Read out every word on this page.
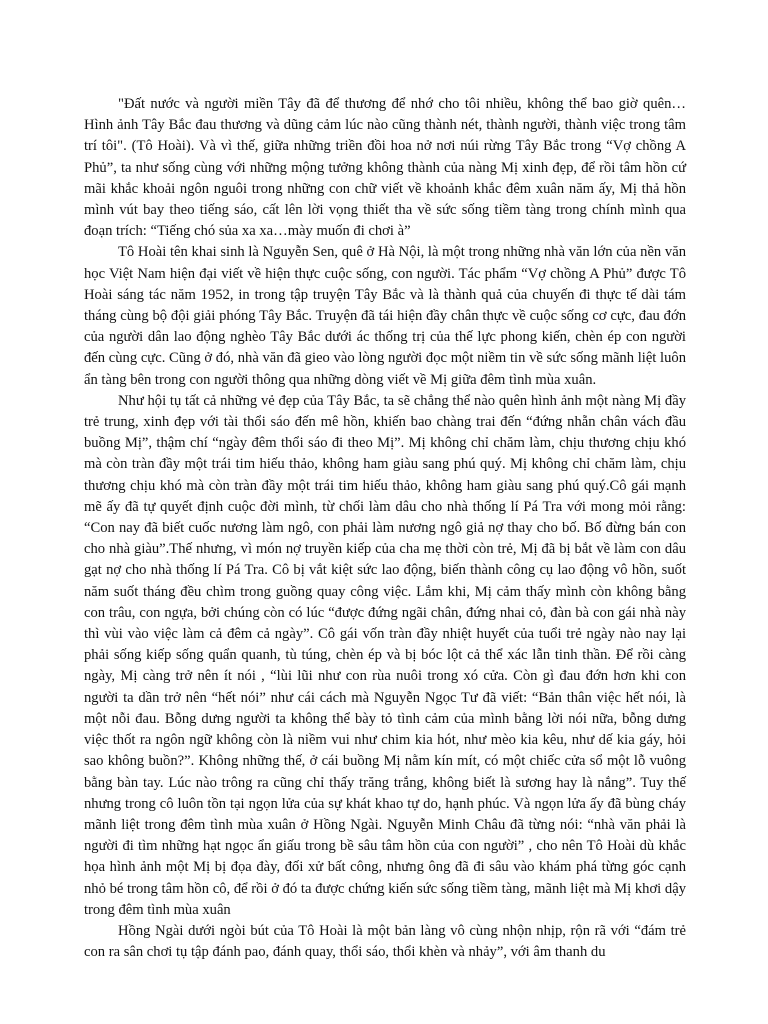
"Đất nước và người miền Tây đã để thương để nhớ cho tôi nhiều, không thể bao giờ quên… Hình ảnh Tây Bắc đau thương và dũng cảm lúc nào cũng thành nét, thành người, thành việc trong tâm trí tôi". (Tô Hoài). Và vì thế, giữa những triền đồi hoa nở nơi núi rừng Tây Bắc trong “Vợ chồng A Phủ”, ta như sống cùng với những mộng tưởng không thành của nàng Mị xinh đẹp, để rồi tâm hồn cứ mãi khắc khoải ngôn nguôi trong những con chữ viết về khoảnh khắc đêm xuân năm ấy, Mị thả hồn mình vút bay theo tiếng sáo, cất lên lời vọng thiết tha về sức sống tiềm tàng trong chính mình qua đoạn trích: “Tiếng chó sủa xa xa…mày muốn đi chơi à”

Tô Hoài tên khai sinh là Nguyễn Sen, quê ở Hà Nội, là một trong những nhà văn lớn của nền văn học Việt Nam hiện đại viết về hiện thực cuộc sống, con người. Tác phẩm “Vợ chồng A Phủ” được Tô Hoài sáng tác năm 1952, in trong tập truyện Tây Bắc và là thành quả của chuyến đi thực tế dài tám tháng cùng bộ đội giải phóng Tây Bắc. Truyện đã tái hiện đầy chân thực về cuộc sống cơ cực, đau đớn của người dân lao động nghèo Tây Bắc dưới ác thống trị của thế lực phong kiến, chèn ép con người đến cùng cực. Cũng ở đó, nhà văn đã gieo vào lòng người đọc một niềm tin về sức sống mãnh liệt luôn ẩn tàng bên trong con người thông qua những dòng viết về Mị giữa đêm tình mùa xuân.

Như hội tụ tất cả những vẻ đẹp của Tây Bắc, ta sẽ chẳng thể nào quên hình ảnh một nàng Mị đầy trẻ trung, xinh đẹp với tài thổi sáo đến mê hồn, khiến bao chàng trai đến “đứng nhẵn chân vách đầu buồng Mị”, thậm chí “ngày đêm thổi sáo đi theo Mị”. Mị không chỉ chăm làm, chịu thương chịu khó mà còn tràn đầy một trái tim hiếu thảo, không ham giàu sang phú quý. Mị không chỉ chăm làm, chịu thương chịu khó mà còn tràn đầy một trái tim hiếu thảo, không ham giàu sang phú quý.Cô gái mạnh mẽ ấy đã tự quyết định cuộc đời mình, từ chối làm dâu cho nhà thống lí Pá Tra với mong mỏi rằng: “Con nay đã biết cuốc nương làm ngô, con phải làm nương ngô giả nợ thay cho bố. Bố đừng bán con cho nhà giàu”.Thế nhưng, vì món nợ truyền kiếp của cha mẹ thời còn trẻ, Mị đã bị bắt về làm con dâu gạt nợ cho nhà thống lí Pá Tra. Cô bị vắt kiệt sức lao động, biến thành công cụ lao động vô hồn, suốt năm suốt tháng đều chìm trong guồng quay công việc. Lắm khi, Mị cảm thấy mình còn không bằng con trâu, con ngựa, bởi chúng còn có lúc “được đứng ngãi chân, đứng nhai cỏ, đàn bà con gái nhà này thì vùi vào việc làm cả đêm cả ngày”. Cô gái vốn tràn đầy nhiệt huyết của tuổi trẻ ngày nào nay lại phải sống kiếp sống quẩn quanh, tù túng, chèn ép và bị bóc lột cả thể xác lẫn tinh thần. Để rồi càng ngày, Mị càng trở nên ít nói , “lùi lũi như con rùa nuôi trong xó cửa. Còn gì đau đớn hơn khi con người ta dần trở nên “hết nói” như cái cách mà Nguyễn Ngọc Tư đã viết: “Bản thân việc hết nói, là một nỗi đau. Bỗng dưng người ta không thể bày tỏ tình cảm của mình bằng lời nói nữa, bỗng dưng việc thốt ra ngôn ngữ không còn là niềm vui như chim kia hót, như mèo kia kêu, như dế kia gáy, hỏi sao không buồn?”. Không những thế, ở cái buồng Mị nằm kín mít, có một chiếc cửa sổ một lỗ vuông bằng bàn tay. Lúc nào trông ra cũng chỉ thấy trăng trắng, không biết là sương hay là nắng”. Tuy thế nhưng trong cô luôn tồn tại ngọn lửa của sự khát khao tự do, hạnh phúc. Và ngọn lửa ấy đã bùng cháy mãnh liệt trong đêm tình mùa xuân ở Hồng Ngài. Nguyễn Minh Châu đã từng nói: “nhà văn phải là người đi tìm những hạt ngọc ẩn giấu trong bề sâu tâm hồn của con người” , cho nên Tô Hoài dù khắc họa hình ảnh một Mị bị đọa đày, đối xử bất công, nhưng ông đã đi sâu vào khám phá từng góc cạnh nhỏ bé trong tâm hồn cô, để rồi ở đó ta được chứng kiến sức sống tiềm tàng, mãnh liệt mà Mị khơi dậy trong đêm tình mùa xuân

Hồng Ngài dưới ngòi bút của Tô Hoài là một bản làng vô cùng nhộn nhịp, rộn rã với “đám trẻ con ra sân chơi tụ tập đánh pao, đánh quay, thổi sáo, thổi khèn và nhảy”, với âm thanh du
